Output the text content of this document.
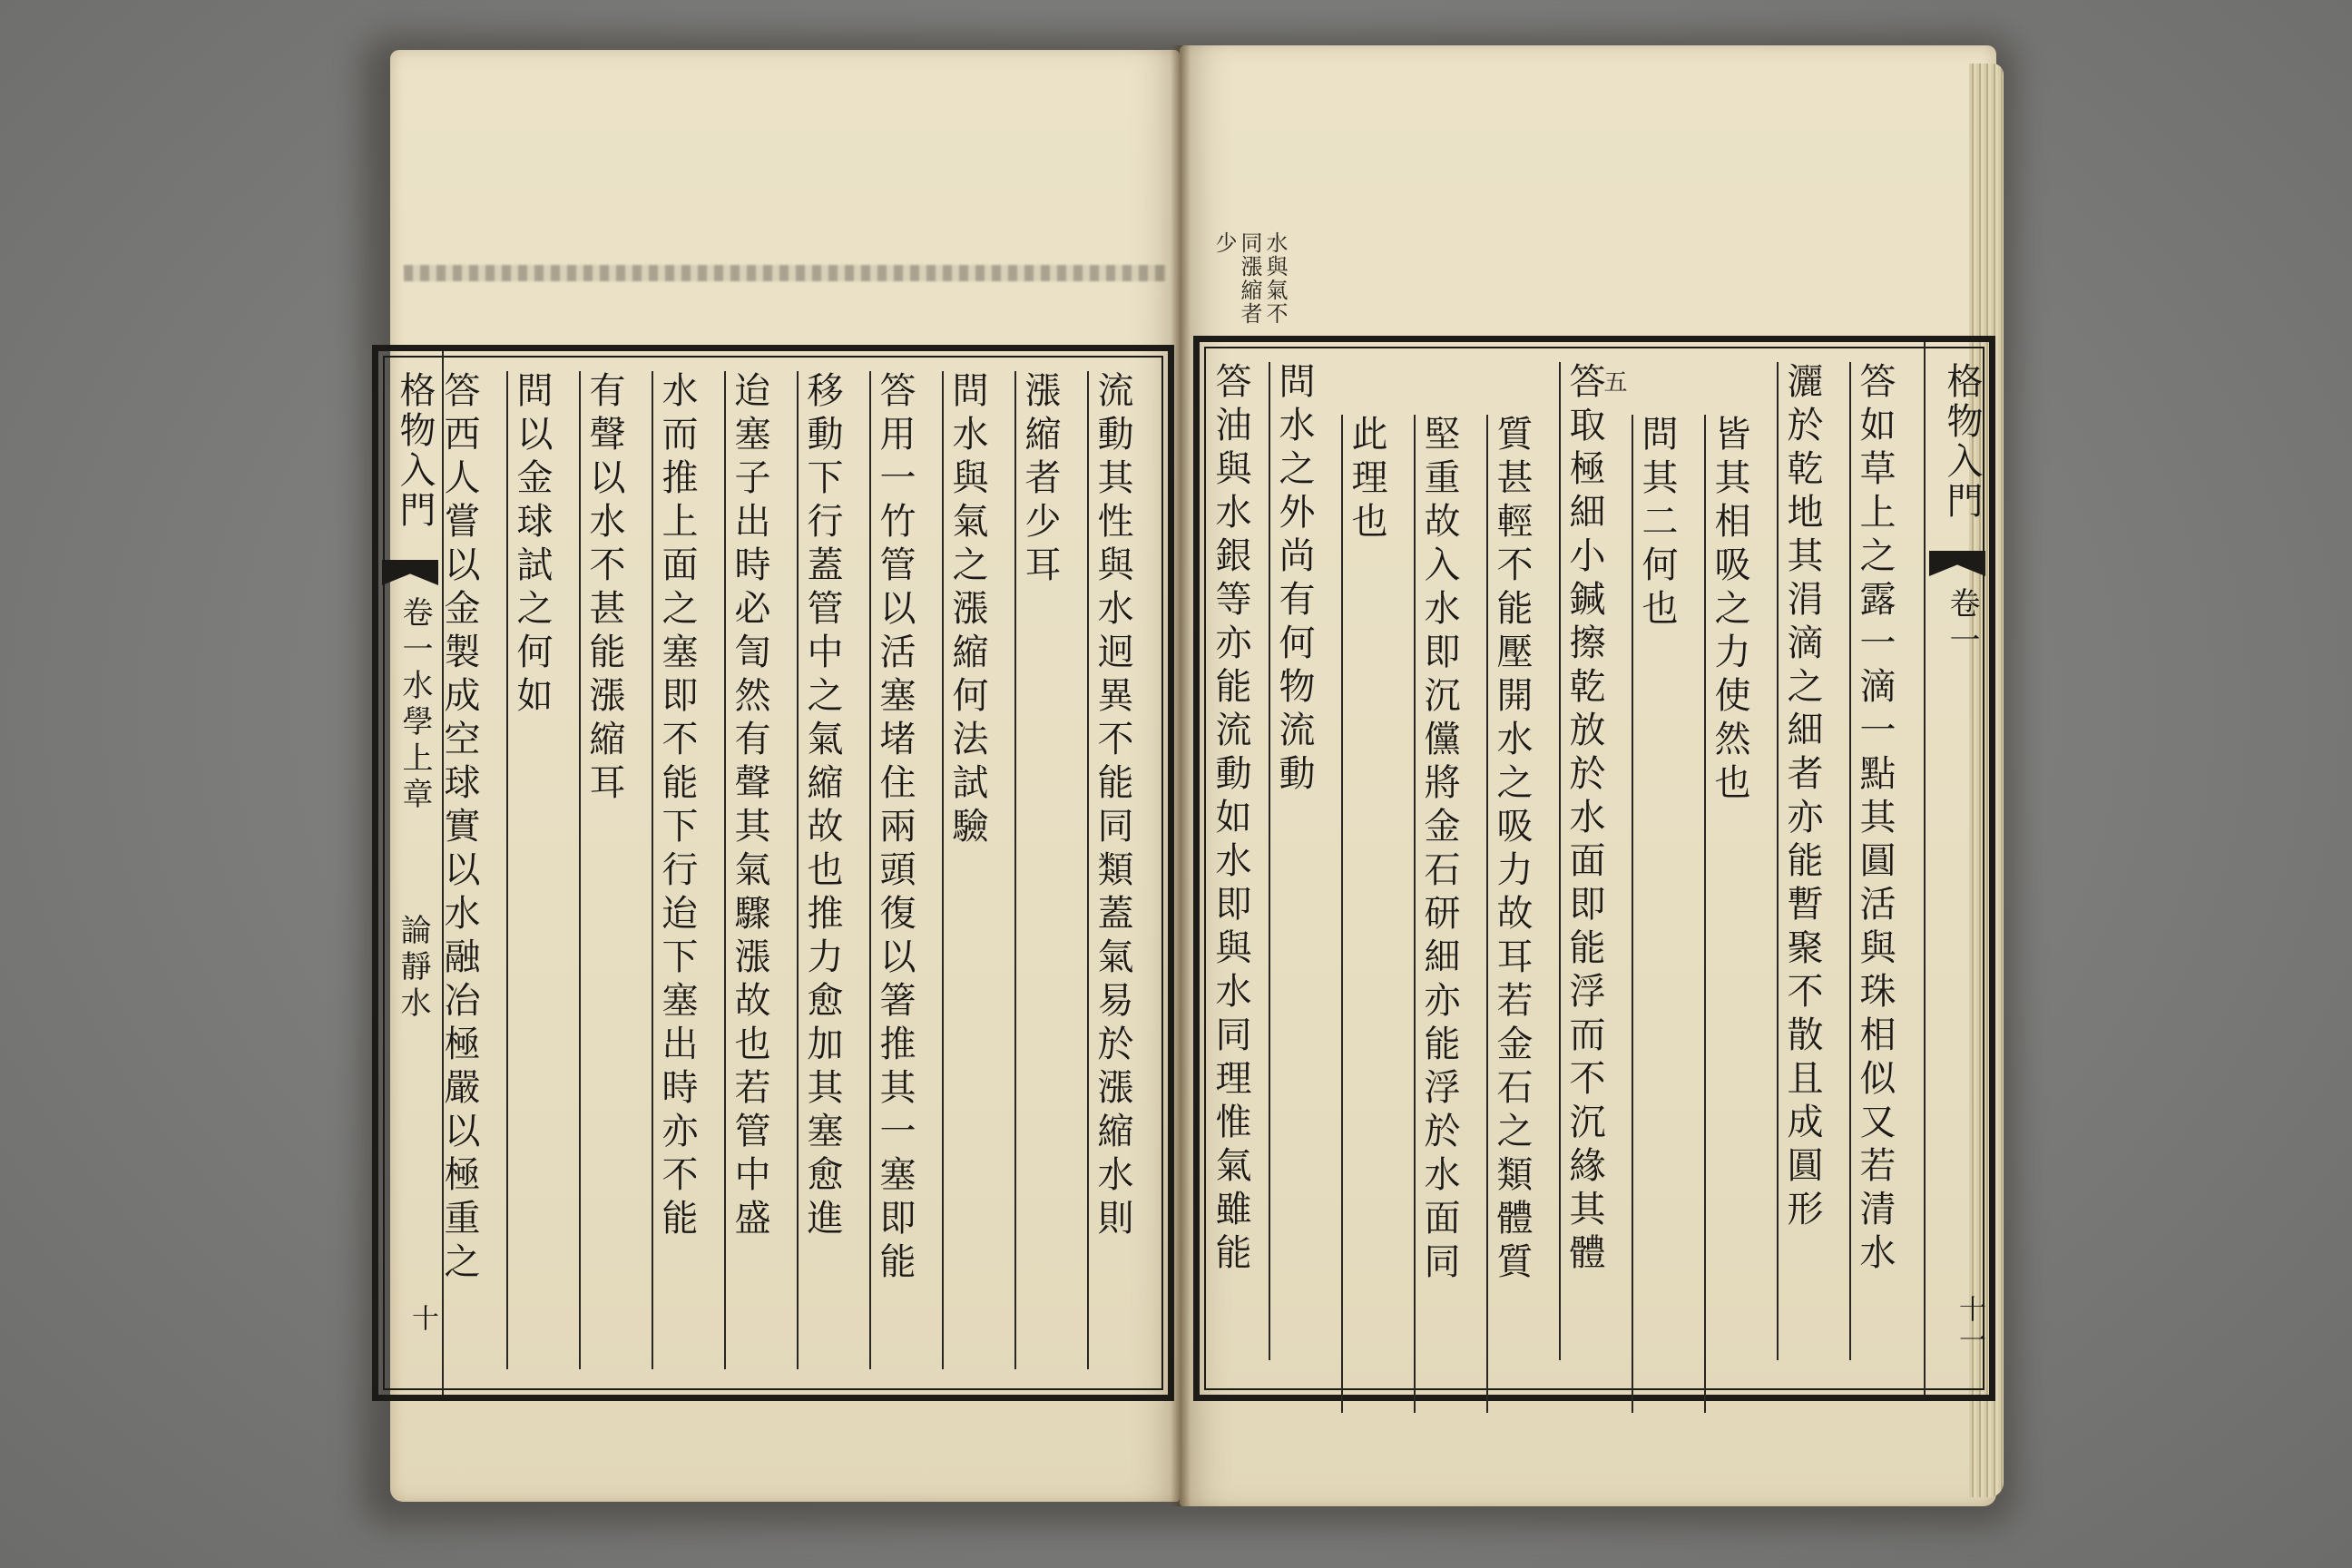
水與氣不 同漲縮者 少
流動其性與水迥異不能同類蓋氣易於漲縮水則
漲縮者少耳
問水與氣之漲縮何法試驗
答用一竹管以活塞堵住兩頭復以箸推其一塞即能
移動下行蓋管中之氣縮故也推力愈加其塞愈進
迨塞子出時必訇然有聲其氣驟漲故也若管中盛
水而推上面之塞即不能下行迨下塞出時亦不能
有聲以水不甚能漲縮耳
問以金球試之何如
答西人嘗以金製成空球實以水融冶極嚴以極重之
格物入門
卷一水學上章
論靜水
十
格物入門
卷一
十一
答如草上之露一滴一點其圓活與珠相似又若清水
灑於乾地其涓滴之細者亦能暫聚不散且成圓形
皆其相吸之力使然也
問其二何也
五
答取極細小鍼擦乾放於水面即能浮而不沉緣其體
質甚輕不能壓開水之吸力故耳若金石之類體質
堅重故入水即沉儻將金石研細亦能浮於水面同
此理也
問水之外尚有何物流動
答油與水銀等亦能流動如水即與水同理惟氣雖能
